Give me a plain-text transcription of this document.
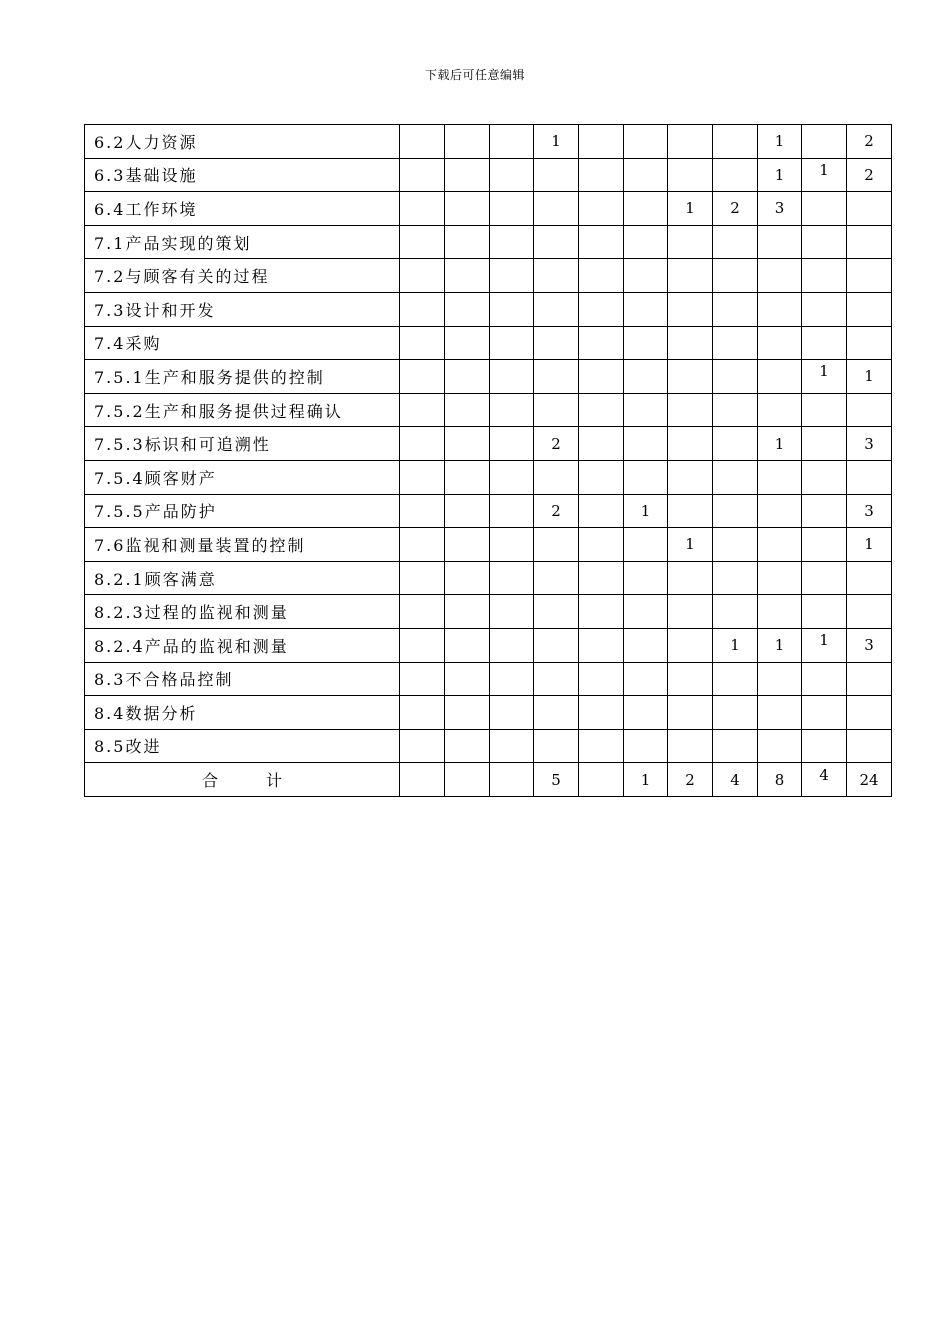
下载后可任意编辑
6.2人力资源				1					1		2
6.3基础设施									1	1	2
6.4工作环境							1	2	3		
7.1产品实现的策划											
7.2与顾客有关的过程											
7.3设计和开发											
7.4采购											
7.5.1生产和服务提供的控制										1	1
7.5.2生产和服务提供过程确认											
7.5.3标识和可追溯性				2					1		3
7.5.4顾客财产											
7.5.5产品防护				2		1					3
7.6监视和测量装置的控制							1				1
8.2.1顾客满意											
8.2.3过程的监视和测量											
8.2.4产品的监视和测量								1	1	1	3
8.3不合格品控制											
8.4数据分析											
8.5改进											
合　　　计				5		1	2	4	8	4	24
